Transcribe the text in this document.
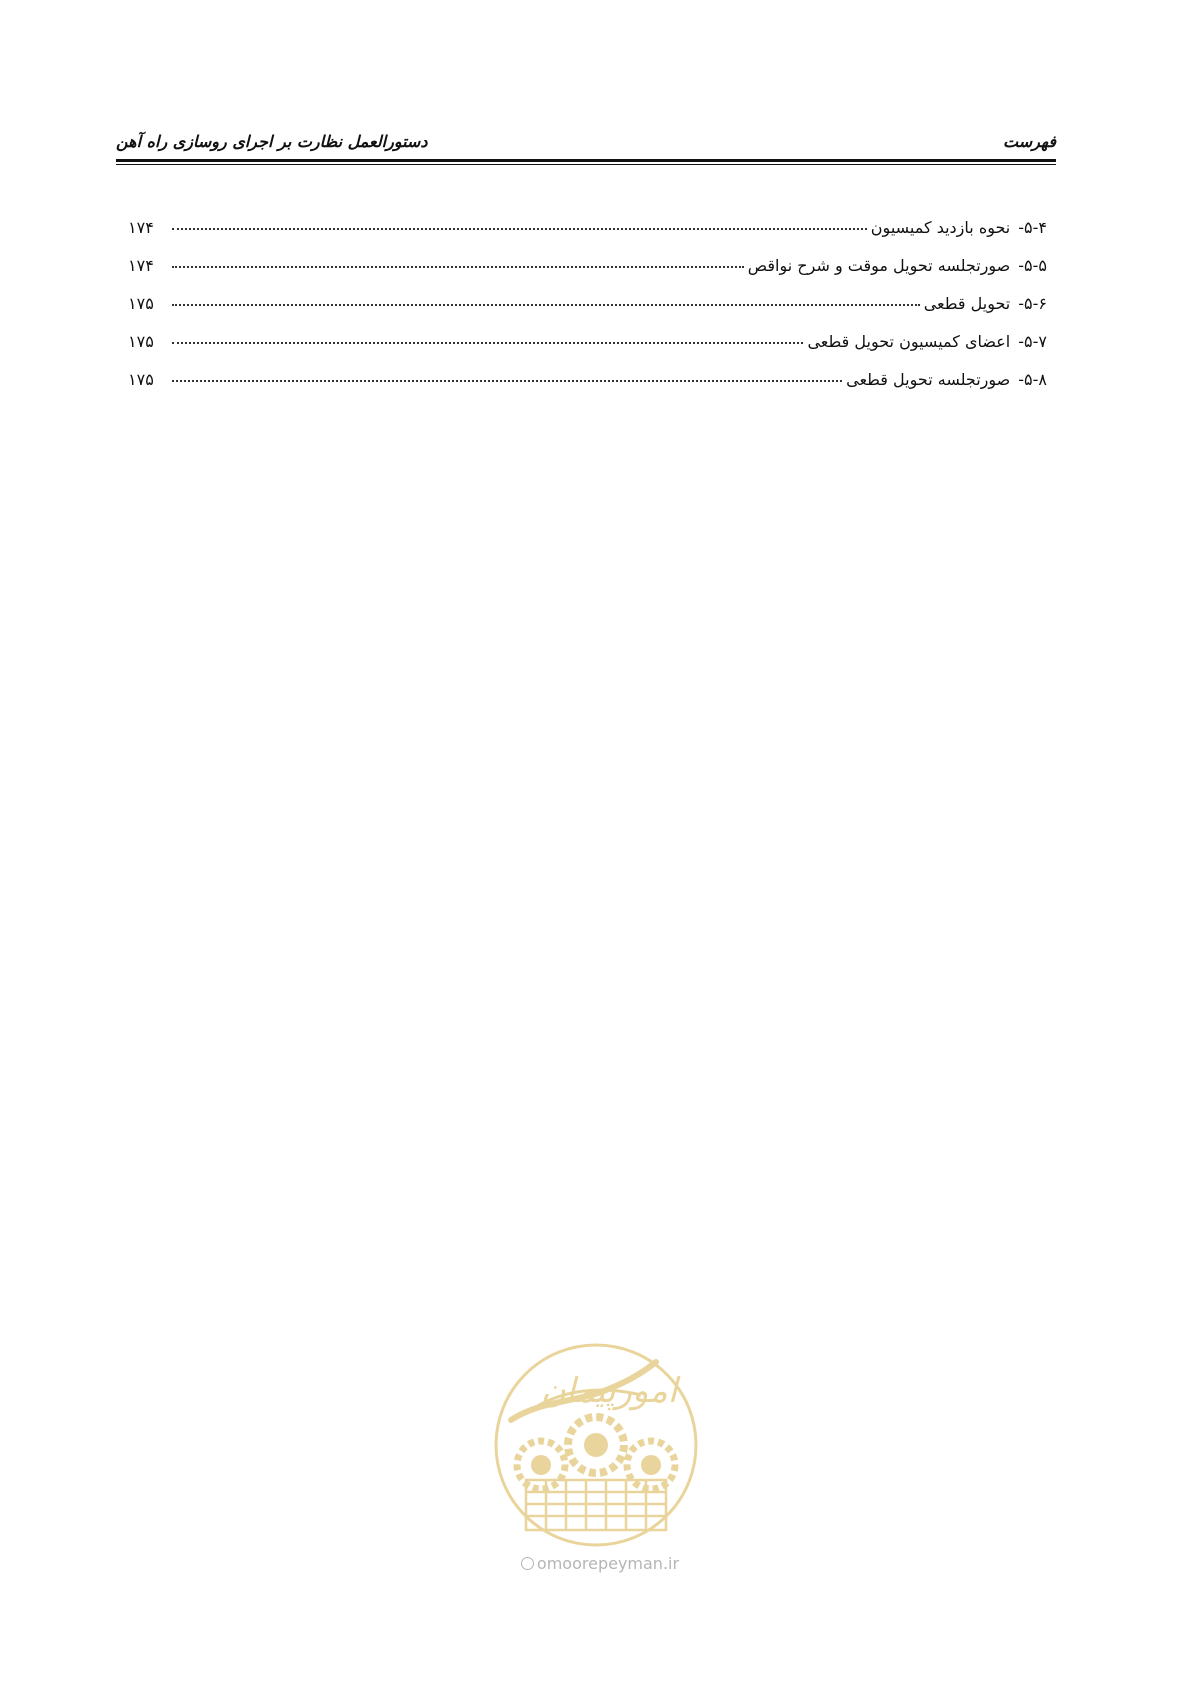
فهرست
دستورالعمل نظارت بر اجرای روسازی راه آهن
۵-۴-
نحوه بازدید کمیسیون
۱۷۴
۵-۵-
صورتجلسه تحویل موقت و شرح نواقص
۱۷۴
۵-۶-
تحویل قطعی
۱۷۵
۵-۷-
اعضای کمیسیون تحویل قطعی
۱۷۵
۵-۸-
صورتجلسه تحویل قطعی
۱۷۵
امورپیمان
omoorepeyman.ir
